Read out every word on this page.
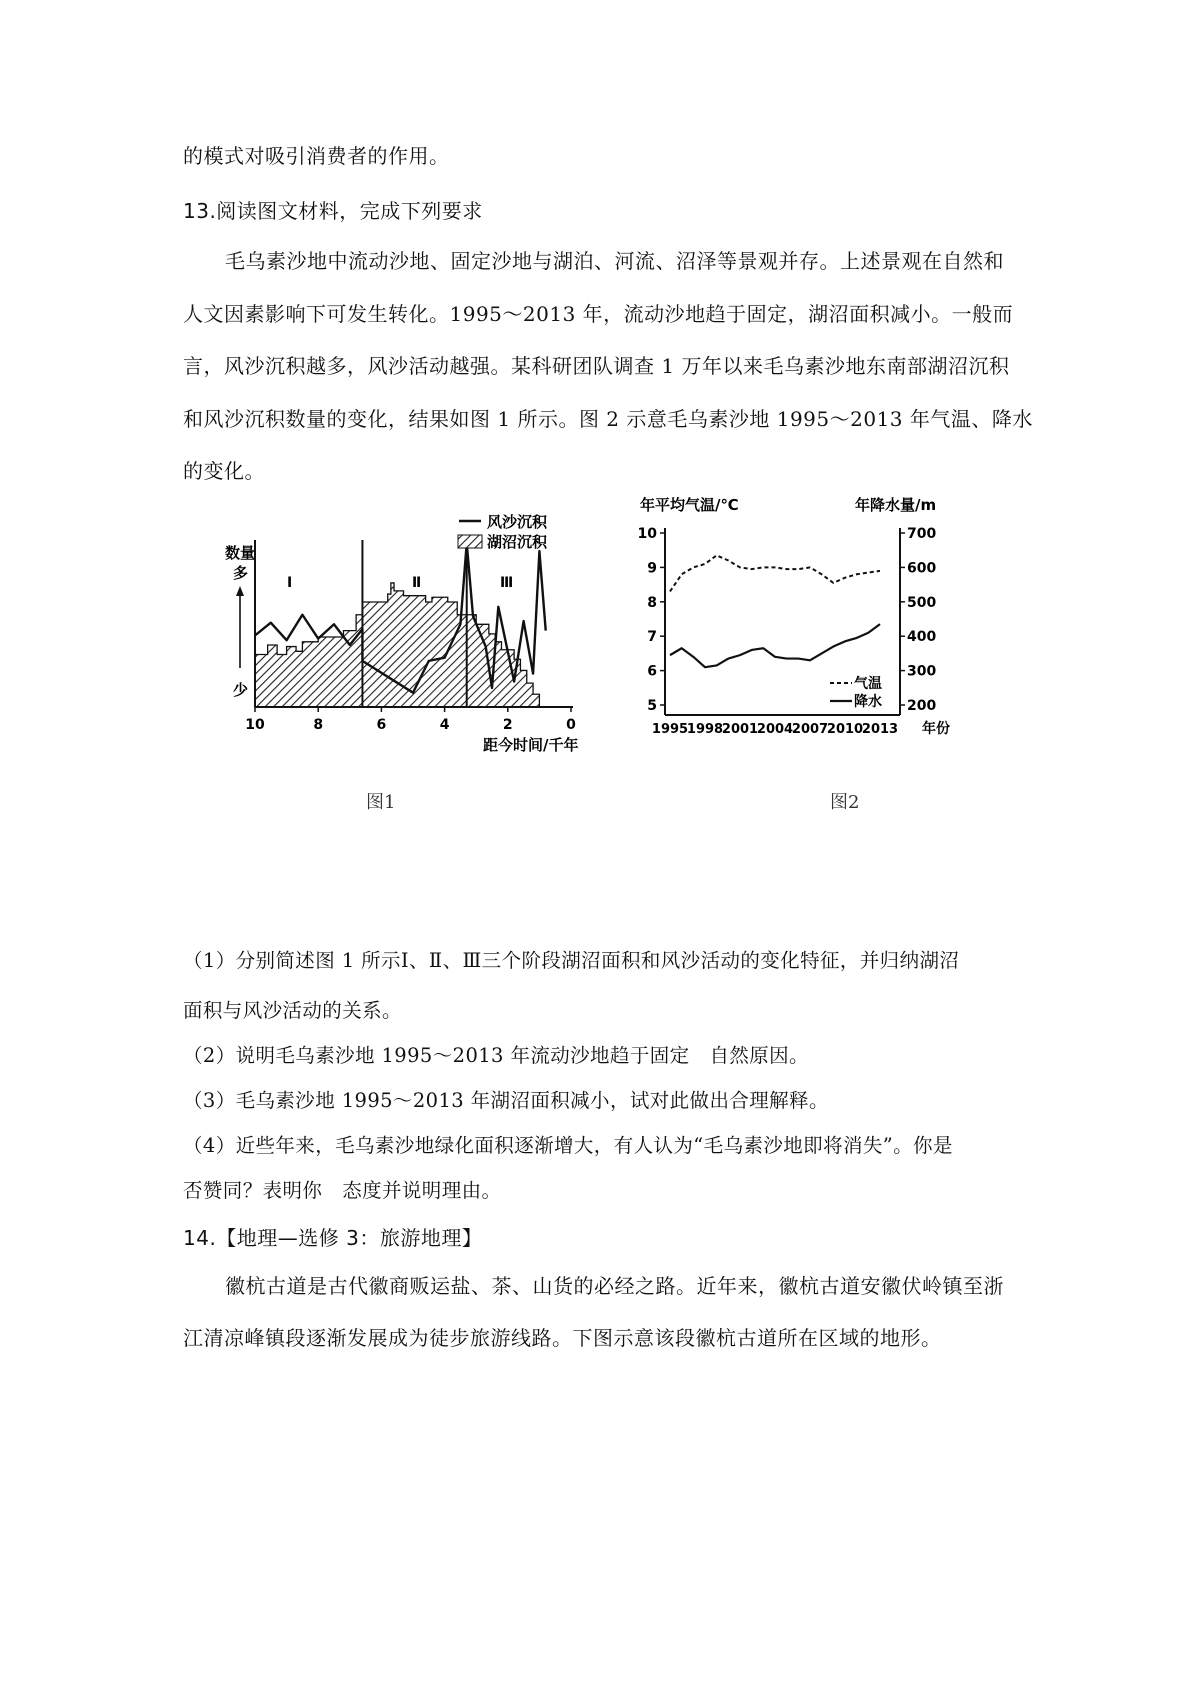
的模式对吸引消费者的作用。
13.阅读图文材料，完成下列要求
毛乌素沙地中流动沙地、固定沙地与湖泊、河流、沼泽等景观并存。上述景观在自然和
人文因素影响下可发生转化。1995～2013 年，流动沙地趋于固定，湖沼面积减小。一般而
言，风沙沉积越多，风沙活动越强。某科研团队调查 1 万年以来毛乌素沙地东南部湖沼沉积
和风沙沉积数量的变化，结果如图 1 所示。图 2 示意毛乌素沙地 1995～2013 年气温、降水
的变化。
10	8	6	4	2	0
数量
多
少
Ⅰ	Ⅱ	Ⅲ
风沙沉积
湖沼沉积
距今时间/千年
图1
5
6
7
8
9
10
200
300
400
500
600
700
1995
1998
2001
2004
2007
2010
2013
年平均气温/℃	年降水量/m
年份
气温
降水
图2
（1）分别简述图 1 所示Ⅰ、Ⅱ、Ⅲ三个阶段湖沼面积和风沙活动的变化特征，并归纳湖沼
面积与风沙活动的关系。
（2）说明毛乌素沙地 1995～2013 年流动沙地趋于固定　自然原因。
（3）毛乌素沙地 1995～2013 年湖沼面积减小，试对此做出合理解释。
（4）近些年来，毛乌素沙地绿化面积逐渐增大，有人认为“毛乌素沙地即将消失”。你是
否赞同？表明你　态度并说明理由。
14.【地理—选修 3：旅游地理】
徽杭古道是古代徽商贩运盐、茶、山货的必经之路。近年来，徽杭古道安徽伏岭镇至浙
江清凉峰镇段逐渐发展成为徒步旅游线路。下图示意该段徽杭古道所在区域的地形。
